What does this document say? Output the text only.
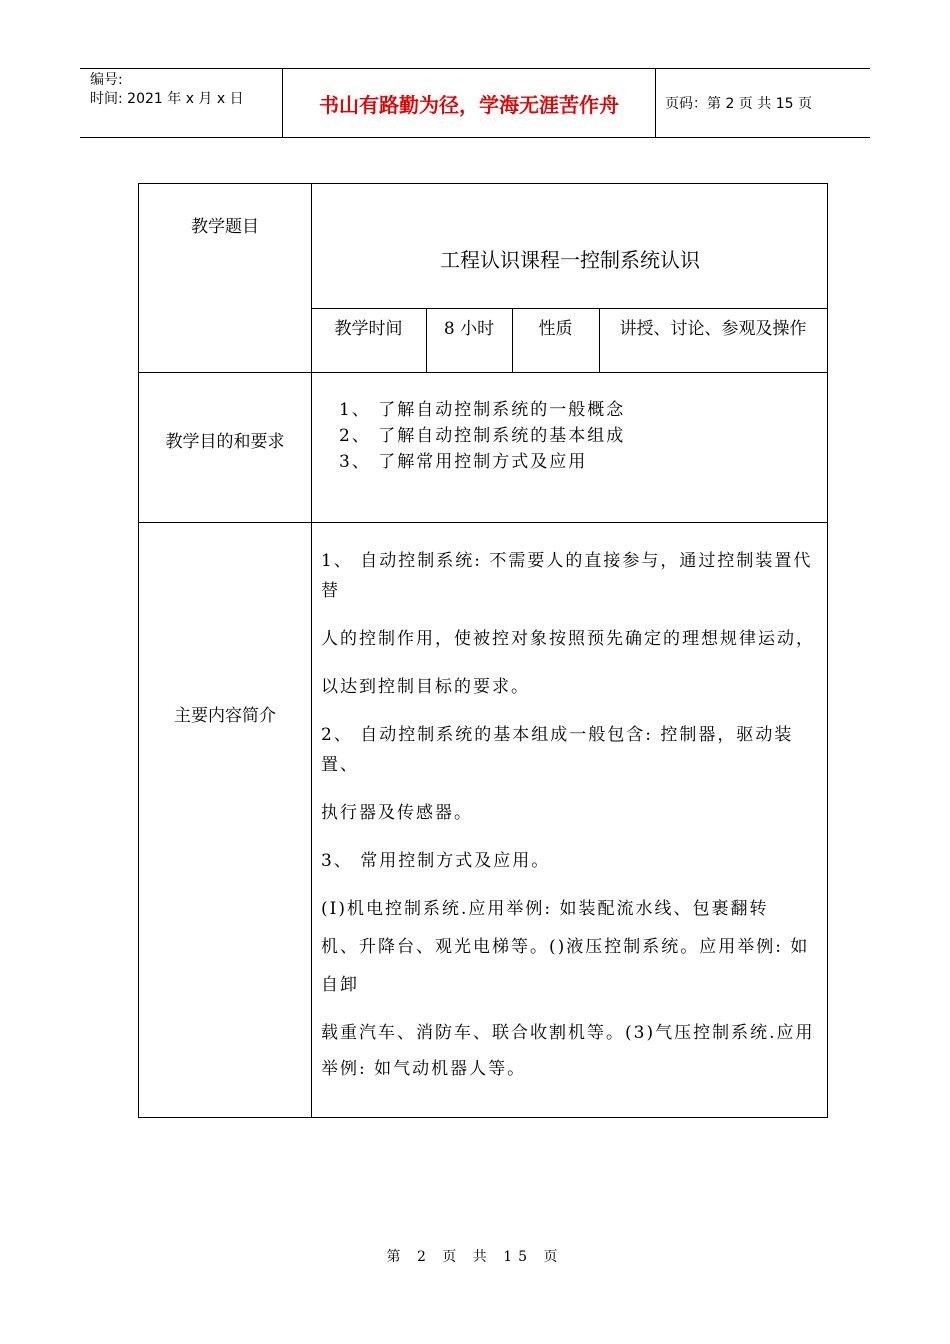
编号:
时间: 2021 年 x 月 x 日	书山有路勤为径，学海无涯苦作舟	页码：第 2 页 共 15 页
教学题目
工程认识课程一控制系统认识
教学时间	8 小时	性质	讲授、讨论、参观及操作
教学目的和要求
1、 了解自动控制系统的一般概念
2、 了解自动控制系统的基本组成
3、 了解常用控制方式及应用
主要内容简介

1、 自动控制系统: 不需要人的直接参与，通过控制装置代

替

人的控制作用，使被控对象按照预先确定的理想规律运动，

以达到控制目标的要求。

2、 自动控制系统的基本组成一般包含: 控制器，驱动装

置、

执行器及传感器。

3、 常用控制方式及应用。

(I)机电控制系统.应用举例: 如装配流水线、包裹翻转

机、升降台、观光电梯等。()液压控制系统。应用举例: 如

自卸

载重汽车、消防车、联合收割机等。(3)气压控制系统.应用

举例: 如气动机器人等。

第 2 页 共 15 页
